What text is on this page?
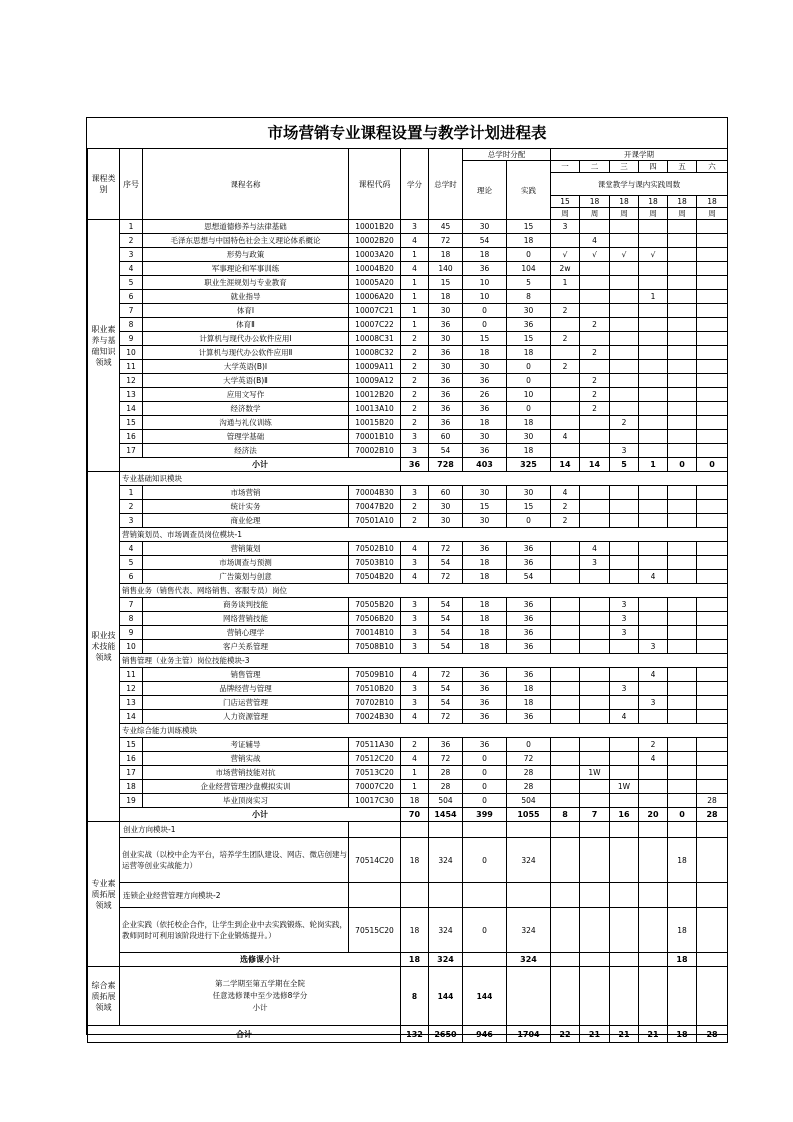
市场营销专业课程设置与教学计划进程表
课程类别	序号	课程名称	课程代码	学分	总学时	总学时分配		开课学期					
						理论	实践	一	二	三	四	五	六
								课堂教学与课内实践周数					
								15	18	18	18	18	18
								周	周	周	周	周	周
职业素养与基础知识领域	1	思想道德修养与法律基础	10001B20	3	45	30	15	3					
	2	毛泽东思想与中国特色社会主义理论体系概论	10002B20	4	72	54	18		4				
	3	形势与政策	10003A20	1	18	18	0	√	√	√	√		
	4	军事理论和军事训练	10004B20	4	140	36	104	2w					
	5	职业生涯规划与专业教育	10005A20	1	15	10	5	1					
	6	就业指导	10006A20	1	18	10	8				1		
	7	体育Ⅰ	10007C21	1	30	0	30	2					
	8	体育Ⅱ	10007C22	1	36	0	36		2				
	9	计算机与现代办公软件应用Ⅰ	10008C31	2	30	15	15	2					
	10	计算机与现代办公软件应用Ⅱ	10008C32	2	36	18	18		2				
	11	大学英语(B)Ⅰ	10009A11	2	30	30	0	2					
	12	大学英语(B)Ⅱ	10009A12	2	36	36	0		2				
	13	应用文写作	10012B20	2	36	26	10		2				
	14	经济数学	10013A10	2	36	36	0		2				
	15	沟通与礼仪训练	10015B20	2	36	18	18			2			
	16	管理学基础	70001B10	3	60	30	30	4					
	17	经济法	70002B10	3	54	36	18			3			
	小计			36	728	403	325	14	14	5	1	0	0
职业技术技能领域	专业基础知识模块												
	1	市场营销	70004B30	3	60	30	30	4					
	2	统计实务	70047B20	2	30	15	15	2					
	3	商业伦理	70501A10	2	30	30	0	2					
	营销策划员、市场调查员岗位模块-1												
	4	营销策划	70502B10	4	72	36	36		4				
	5	市场调查与预测	70503B10	3	54	18	36		3				
	6	广告策划与创意	70504B20	4	72	18	54				4		
	销售业务（销售代表、网络销售、客服专员）岗位												
	7	商务谈判技能	70505B20	3	54	18	36			3			
	8	网络营销技能	70506B20	3	54	18	36			3			
	9	营销心理学	70014B10	3	54	18	36			3			
	10	客户关系管理	70508B10	3	54	18	36				3		
	销售管理（业务主管）岗位技能模块-3												
	11	销售管理	70509B10	4	72	36	36				4		
	12	品牌经营与管理	70510B20	3	54	36	18			3			
	13	门店运营管理	70702B10	3	54	36	18				3		
	14	人力资源管理	70024B30	4	72	36	36			4			
	专业综合能力训练模块												
	15	考证辅导	70511A30	2	36	36	0				2		
	16	营销实战	70512C20	4	72	0	72				4		
	17	市场营销技能对抗	70513C20	1	28	0	28		1W				
	18	企业经营管理沙盘模拟实训	70007C20	1	28	0	28			1W			
	19	毕业顶岗实习	10017C30	18	504	0	504						28
	小计			70	1454	399	1055	8	7	16	20	0	28
专业素质拓展领域	创业方向模块-1												
	创业实战（以校中企为平台，培养学生团队建设、网店、微店创建与运营等创业实战能力）		70514C20	18	324	0	324					18	
	连锁企业经营管理方向模块-2												
	企业实践（依托校企合作，让学生到企业中去实践锻炼、轮岗实践，教师同时可利用该阶段进行下企业锻炼提升。）		70515C20	18	324	0	324					18	
	选修课小计			18	324		324					18	
综合素质拓展领域	第二学期至第五学期在全院
任意选修课中至少选修8学分
小计			8	144	144							
合计				132	2650	946	1704	22	21	21	21	18	28
